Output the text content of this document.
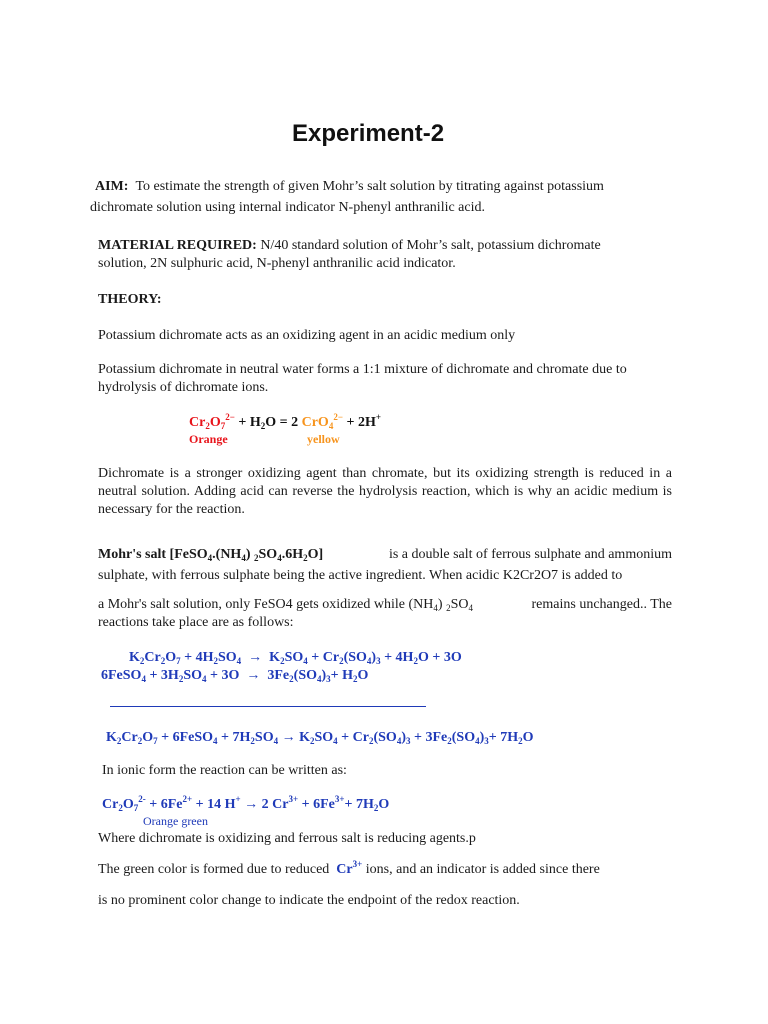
Experiment-2
AIM: To estimate the strength of given Mohr’s salt solution by titrating against potassium
dichromate solution using internal indicator N-phenyl anthranilic acid.
MATERIAL REQUIRED: N/40 standard solution of Mohr’s salt, potassium dichromate
solution, 2N sulphuric acid, N-phenyl anthranilic acid indicator.
THEORY:
Potassium dichromate acts as an oxidizing agent in an acidic medium only
Potassium dichromate in neutral water forms a 1:1 mixture of dichromate and chromate due to
hydrolysis of dichromate ions.
$Cr_2O_7^{2-} + H_2O = 2$ CrO$_4^{2-}$ + 2H+
Orange	yellow
Dichromate is a stronger oxidizing agent than chromate, but its oxidizing strength is reduced in a neutral solution. Adding acid can reverse the hydrolysis reaction, which is why an acidic medium is necessary for the reaction.
Mohr's salt [$FeSO_4.(NH_4)$ $_2SO_4.6H_2O$]	is a double salt of ferrous sulphate and ammonium
sulphate, with ferrous sulphate being the active ingredient. When acidic K2Cr2O7 is added to
a Mohr's salt solution, only FeSO4 gets oxidized while $(NH_4)$ $_2SO_4$	remains unchanged.. The
reactions take place are as follows:
$K_2Cr_2O_7 + 4H_2SO_4 \to K_2SO_4 + Cr_2(SO_4)_3 + 4H_2O + 3O$
6FeSO$_4$ + $3H_2SO_4 + 3O \to 3Fe_2(SO_4)_3+ H_2O$
$K_2Cr_2O_7$ + 6FeSO$_4$ + $7H_2SO_4 \to K_2SO_4 + Cr_2(SO_4)_3 + 3Fe_2(SO_4)_3+ 7H_2O$
In ionic form the reaction can be written as:
$Cr_2O_7^{2-} + 6Fe^{2+} + 14$ H+ → 2 $Cr^{3+} + 6Fe^{3+}+ 7H_2O$
Orange green
Where dichromate is oxidizing and ferrous salt is reducing agents.p
The green color is formed due to reduced $Cr^{3+}$ ions, and an indicator is added since there
is no prominent color change to indicate the endpoint of the redox reaction.
